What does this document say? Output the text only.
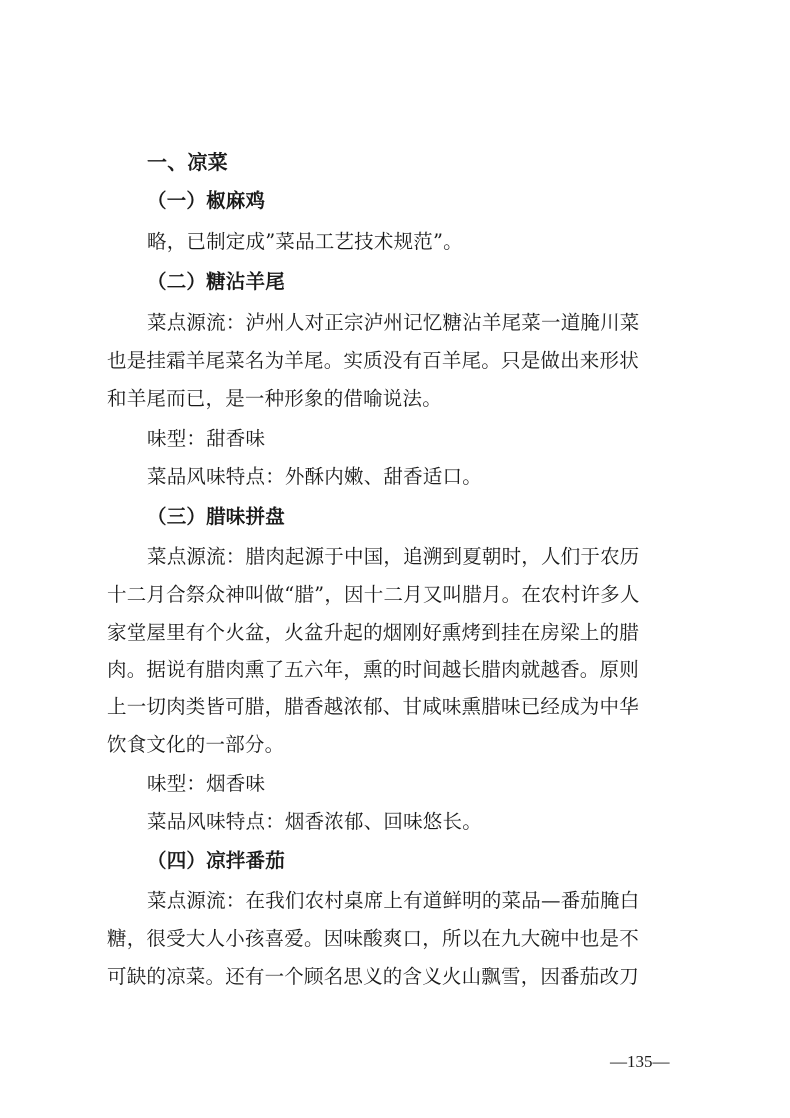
一、凉菜
（一）椒麻鸡
略，已制定成”菜品工艺技术规范”。
（二）糖沾羊尾
菜点源流：泸州人对正宗泸州记忆糖沾羊尾菜一道腌川菜
也是挂霜羊尾菜名为羊尾。实质没有百羊尾。只是做出来形状
和羊尾而已，是一种形象的借喻说法。
味型：甜香味
菜品风味特点：外酥内嫩、甜香适口。
（三）腊味拼盘
菜点源流：腊肉起源于中国，追溯到夏朝时，人们于农历
十二月合祭众神叫做“腊”，因十二月又叫腊月。在农村许多人
家堂屋里有个火盆，火盆升起的烟刚好熏烤到挂在房梁上的腊
肉。据说有腊肉熏了五六年，熏的时间越长腊肉就越香。原则
上一切肉类皆可腊，腊香越浓郁、甘咸味熏腊味已经成为中华
饮食文化的一部分。
味型：烟香味
菜品风味特点：烟香浓郁、回味悠长。
（四）凉拌番茄
菜点源流：在我们农村桌席上有道鲜明的菜品—番茄腌白
糖，很受大人小孩喜爱。因味酸爽口，所以在九大碗中也是不
可缺的凉菜。还有一个顾名思义的含义火山飘雪，因番茄改刀
—135—
